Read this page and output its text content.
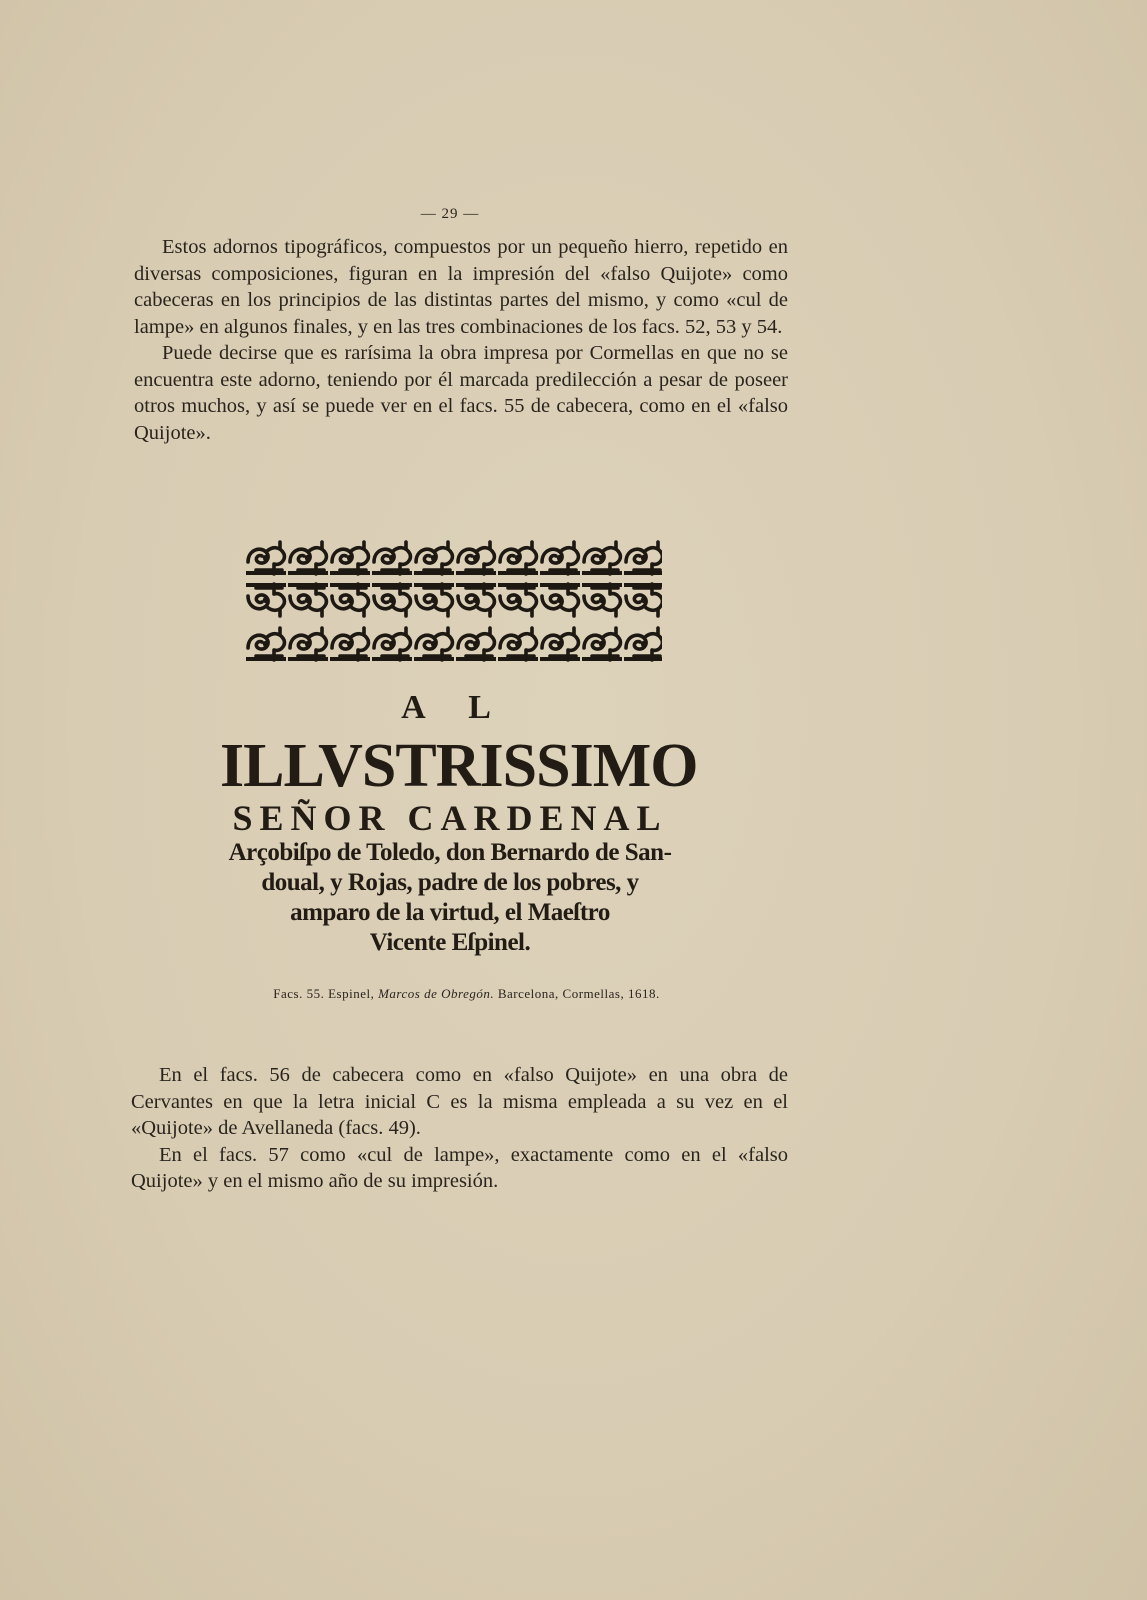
— 29 —

Estos adornos tipográficos, compuestos por un pequeño hierro, repetido en diversas composiciones, figuran en la impresión del «falso Quijote» como cabeceras en los principios de las distintas partes del mismo, y como «cul de lampe» en algunos finales, y en las tres combinaciones de los facs. 52, 53 y 54.

Puede decirse que es rarísima la obra impresa por Cormellas en que no se encuentra este adorno, teniendo por él marcada predilección a pesar de poseer otros muchos, y así se puede ver en el facs. 55 de cabecera, como en el «falso Quijote».

A L
ILLVSTRISSIMO
SEÑOR CARDENAL
Arçobiſpo de Toledo, don Bernardo de San-
doual, y Rojas, padre de los pobres, y
amparo de la virtud, el Maeſtro
Vicente Eſpinel.
Facs. 55. Espinel, Marcos de Obregón. Barcelona, Cormellas, 1618.

En el facs. 56 de cabecera como en «falso Quijote» en una obra de Cervantes en que la letra inicial C es la misma empleada a su vez en el «Quijote» de Avellaneda (facs. 49).

En el facs. 57 como «cul de lampe», exactamente como en el «falso Quijote» y en el mismo año de su impresión.
